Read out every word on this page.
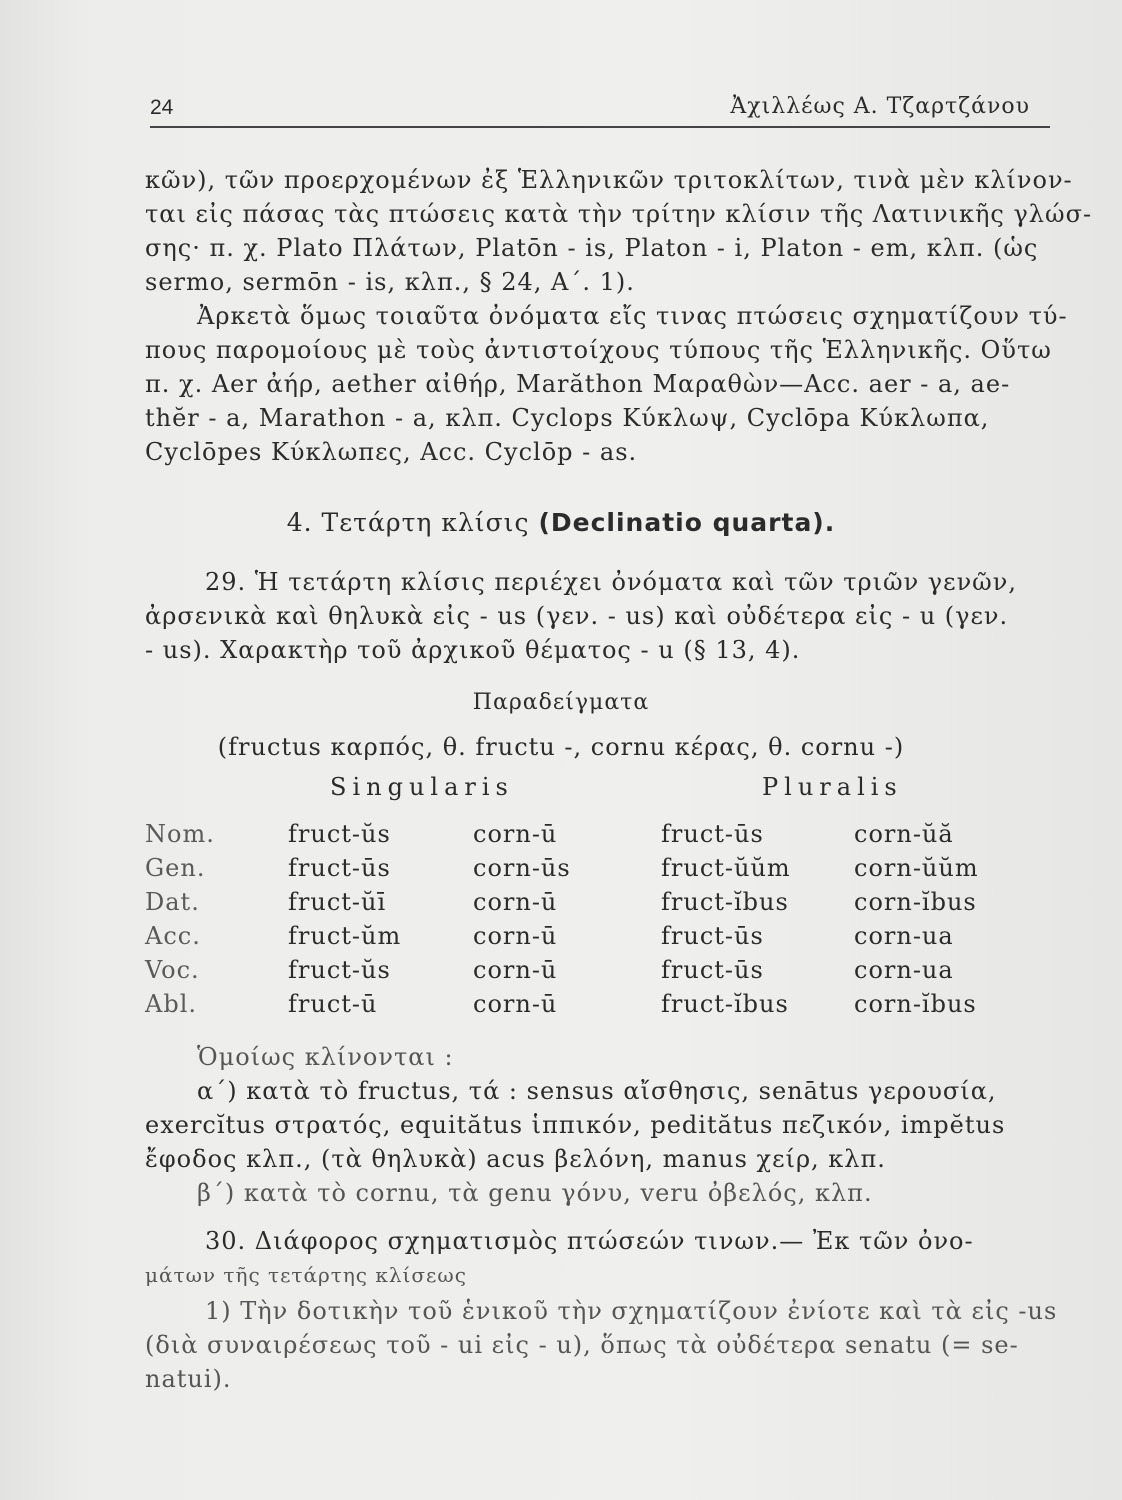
24	Ἀχιλλέως Α. Τζαρτζάνου
κῶν), τῶν προερχομένων ἐξ Ἑλληνικῶν τριτοκλίτων, τινὰ μὲν κλίνον-
ται εἰς πάσας τὰς πτώσεις κατὰ τὴν τρίτην κλίσιν τῆς Λατινικῆς γλώσ-
σης· π. χ. Plato Πλάτων, Platōn - is, Platon - i, Platon - em, κλπ. (ὡς
sermo, sermōn - is, κλπ., § 24, Α΄. 1).
Ἀρκετὰ ὅμως τοιαῦτα ὀνόματα εἴς τινας πτώσεις σχηματίζουν τύ-
πους παρομοίους μὲ τοὺς ἀντιστοίχους τύπους τῆς Ἑλληνικῆς. Οὕτω
π. χ. Aer ἀήρ, aether αἰθήρ, Marăthon Μαραθὼν—Acc. aer - a, ae-
thĕr - a, Marathon - a, κλπ. Cyclops Κύκλωψ, Cyclōpa Κύκλωπα,
Cyclōpes Κύκλωπες, Acc. Cyclōp - as.
4. Τετάρτη κλίσις (Declinatio quarta).
29. Ἡ τετάρτη κλίσις περιέχει ὀνόματα καὶ τῶν τριῶν γενῶν,
ἀρσενικὰ καὶ θηλυκὰ εἰς - us (γεν. - us) καὶ οὐδέτερα εἰς - u (γεν.
- us). Χαρακτὴρ τοῦ ἀρχικοῦ θέματος - u (§ 13, 4).
Παραδείγματα
(fructus καρπός, θ. fructu -, cornu κέρας, θ. cornu -)
Singularis	Pluralis
Nom.	fruct-ŭs	corn-ū	fruct-ūs	corn-ŭă
Gen.	fruct-ūs	corn-ūs	fruct-ŭŭm	corn-ŭŭm
Dat.	fruct-ŭī	corn-ū	fruct-ĭbus	corn-ĭbus
Acc.	fruct-ŭm	corn-ū	fruct-ūs	corn-ua
Voc.	fruct-ŭs	corn-ū	fruct-ūs	corn-ua
Abl.	fruct-ū	corn-ū	fruct-ĭbus	corn-ĭbus
Ὁμοίως κλίνονται :
α΄) κατὰ τὸ fructus, τά : sensus αἴσθησις, senātus γερουσία,
exercĭtus στρατός, equitătus ἱππικόν, peditătus πεζικόν, impĕtus
ἔφοδος κλπ., (τὰ θηλυκὰ) acus βελόνη, manus χείρ, κλπ.
β΄) κατὰ τὸ cornu, τὰ genu γόνυ, veru ὀβελός, κλπ.
30. Διάφορος σχηματισμὸς πτώσεών τινων.— Ἐκ τῶν ὀνο-
μάτων τῆς τετάρτης κλίσεως
1) Τὴν δοτικὴν τοῦ ἑνικοῦ τὴν σχηματίζουν ἐνίοτε καὶ τὰ εἰς -us
(διὰ συναιρέσεως τοῦ - ui εἰς - u), ὅπως τὰ οὐδέτερα senatu (= se-
natui).
